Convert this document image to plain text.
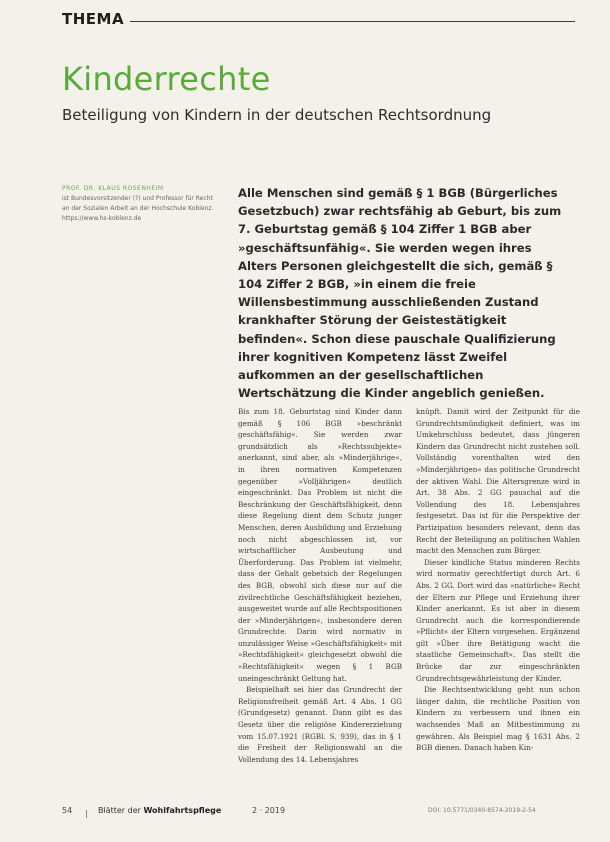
THEMA
Kinderrechte
Beteiligung von Kindern in der deutschen Rechtsordnung
PROF. DR. KLAUS ROSENHEIM
ist Bundesvorsitzender (?) und Professor für Recht an der Sozialen Arbeit an der Hochschule Koblenz. https://www.hs-koblenz.de
Alle Menschen sind gemäß § 1 BGB (Bürgerliches Gesetzbuch) zwar rechtsfähig ab Geburt, bis zum 7. Geburtstag gemäß § 104 Ziffer 1 BGB aber »geschäftsunfähig«. Sie werden wegen ihres Alters Personen gleichgestellt die sich, gemäß § 104 Ziffer 2 BGB, »in einem die freie Willensbestimmung ausschließenden Zustand krankhafter Störung der Geistestätigkeit befinden«. Schon diese pauschale Qualifizierung ihrer kognitiven Kompetenz lässt Zweifel aufkommen an der gesellschaftlichen Wertschätzung die Kinder angeblich genießen.

Bis zum 18. Geburtstag sind Kinder dann gemäß § 106 BGB »beschränkt geschäftsfähig«. Sie werden zwar grundsätzlich als »Rechtssubjekte« anerkannt, sind aber, als »Minderjährige«, in ihren normativen Kompetenzen gegenüber »Volljährigen« deutlich eingeschränkt. Das Problem ist nicht die Beschränkung der Geschäftsfähigkeit, denn diese Regelung dient dem Schutz junger Menschen, deren Ausbildung und Erziehung noch nicht abgeschlossen ist, vor wirtschaftlicher Ausbeutung und Überforderung. Das Problem ist vielmehr, dass der Gehalt gebetsich der Regelungen des BGB, obwohl sich diese nur auf die zivilrechtliche Geschäftsfähigkeit beziehen, ausgeweitet wurde auf alle Rechtspositionen der »Minderjährigen«, insbesondere deren Grundrechte. Darin wird normativ in unzulässiger Weise »Geschäftsfähigkeit« mit »Rechtsfähigkeit« gleichgesetzt obwohl die »Rechtsfähigkeit« wegen § 1 BGB uneingeschränkt Geltung hat.

Beispielhaft sei hier das Grundrecht der Religionsfreiheit gemäß Art. 4 Abs. 1 GG (Grundgesetz) genannt. Dann gibt es das Gesetz über die religiöse Kindererziehung vom 15.07.1921 (RGBl. S. 939), das in § 1 die Freiheit der Religionswahl an die Vollendung des 14. Lebensjahres

knüpft. Damit wird der Zeitpunkt für die Grundrechtsmündigkeit definiert, was im Umkehrschluss bedeutet, dass jüngeren Kindern das Grundrecht nicht zustehen soll. Vollständig vorenthalten wird den »Minderjährigen« das politische Grundrecht der aktiven Wahl. Die Altersgrenze wird in Art. 38 Abs. 2 GG pauschal auf die Vollendung des 18. Lebensjahres festgesetzt. Das ist für die Perspektive der Partizipation besonders relevant, denn das Recht der Beteiligung an politischen Wahlen macht den Menschen zum Bürger.

Dieser kindliche Status minderen Rechts wird normativ gerechtfertigt durch Art. 6 Abs. 2 GG. Dort wird das »natürliche« Recht der Eltern zur Pflege und Erziehung ihrer Kinder anerkannt. Es ist aber in diesem Grundrecht auch die korrespondierende »Pflicht« der Eltern vorgesehen. Ergänzend gilt »Über ihre Betätigung wacht die staatliche Gemeinschaft«. Das stellt die Brücke dar zur eingeschränkten Grundrechtsgewährleistung der Kinder.

Die Rechtsentwicklung geht nun schon länger dahin, die rechtliche Position von Kindern zu verbessern und ihnen ein wachsendes Maß an Mitbestimmung zu gewähren. Als Beispiel mag § 1631 Abs. 2 BGB dienen. Danach haben Kin-

54	Blätter der Wohlfahrtspflege	2 · 2019	DOI: 10.5771/0340-8574-2019-2-54
